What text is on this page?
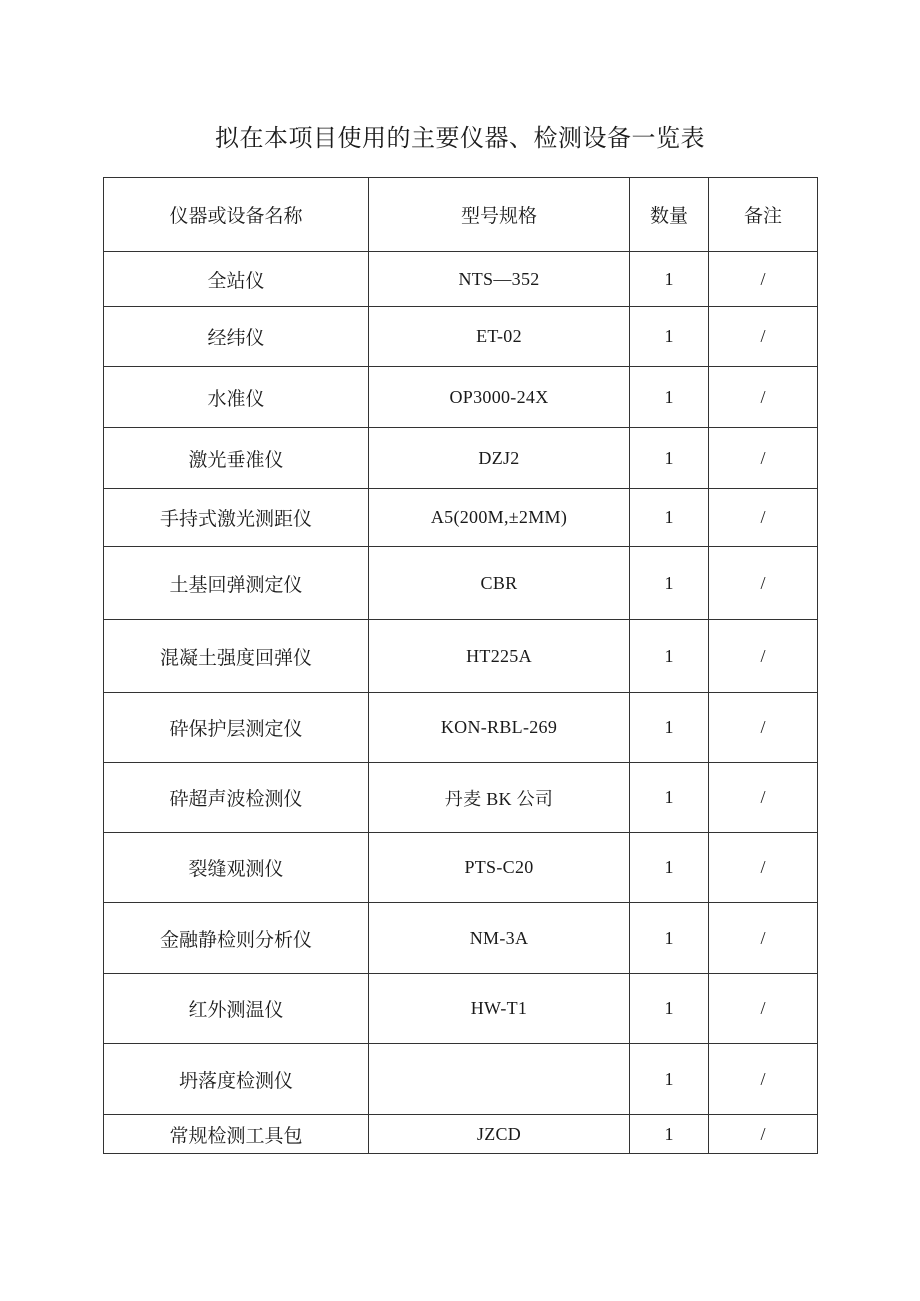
拟在本项目使用的主要仪器、检测设备一览表
仪器或设备名称	型号规格	数量	备注
全站仪	NTS—352	1	/
经纬仪	ET-02	1	/
水准仪	OP3000-24X	1	/
激光垂准仪	DZJ2	1	/
手持式激光测距仪	A5(200M,±2MM)	1	/
土基回弹测定仪	CBR	1	/
混凝土强度回弹仪	HT225A	1	/
砕保护层测定仪	KON-RBL-269	1	/
砕超声波检测仪	丹麦 BK 公司	1	/
裂缝观测仪	PTS-C20	1	/
金融静检则分析仪	NM-3A	1	/
红外测温仪	HW-T1	1	/
坍落度检测仪		1	/
常规检测工具包	JZCD	1	/
